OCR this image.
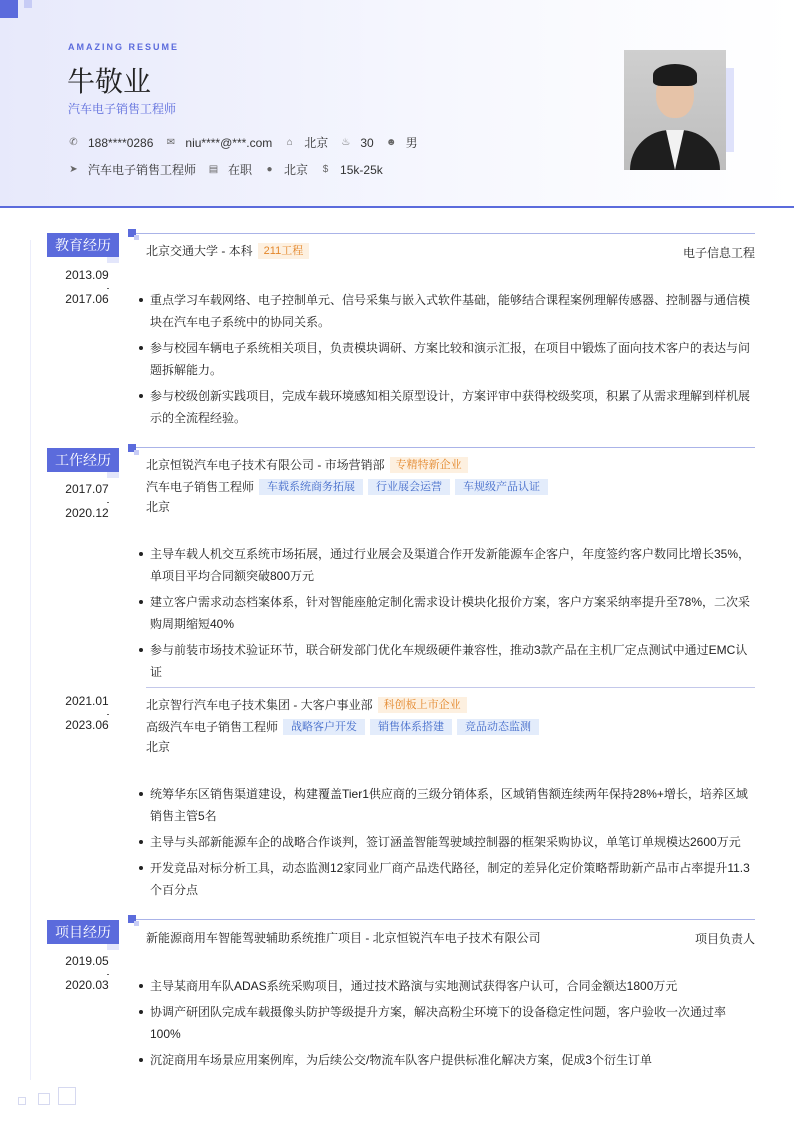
AMAZING RESUME
牛敬业
汽车电子销售工程师
✆ 188****0286 ✉ niu****@***.com ⌂ 北京 ♨ 30 ☻ 男
➤ 汽车电子销售工程师 ▤ 在职 ● 北京 $ 15k-25k
教育经历
2013.09
2017.06
北京交通大学 - 本科	211工程	电子信息工程
重点学习车载网络、电子控制单元、信号采集与嵌入式软件基础，能够结合课程案例理解传感器、控制器与通信模块在汽车电子系统中的协同关系。
参与校园车辆电子系统相关项目，负责模块调研、方案比较和演示汇报，在项目中锻炼了面向技术客户的表达与问题拆解能力。
参与校级创新实践项目，完成车载环境感知相关原型设计，方案评审中获得校级奖项，积累了从需求理解到样机展示的全流程经验。
工作经历
2017.07
2020.12
北京恒锐汽车电子技术有限公司 - 市场营销部	专精特新企业
汽车电子销售工程师	车载系统商务拓展	行业展会运营	车规级产品认证
北京
主导车载人机交互系统市场拓展，通过行业展会及渠道合作开发新能源车企客户，年度签约客户数同比增长35%，单项目平均合同额突破800万元
建立客户需求动态档案体系，针对智能座舱定制化需求设计模块化报价方案，客户方案采纳率提升至78%，二次采购周期缩短40%
参与前装市场技术验证环节，联合研发部门优化车规级硬件兼容性，推动3款产品在主机厂定点测试中通过EMC认证
2021.01
2023.06
北京智行汽车电子技术集团 - 大客户事业部	科创板上市企业
高级汽车电子销售工程师	战略客户开发	销售体系搭建	竞品动态监测
北京
统筹华东区销售渠道建设，构建覆盖Tier1供应商的三级分销体系，区域销售额连续两年保持28%+增长，培养区域销售主管5名
主导与头部新能源车企的战略合作谈判，签订涵盖智能驾驶域控制器的框架采购协议，单笔订单规模达2600万元
开发竞品对标分析工具，动态监测12家同业厂商产品迭代路径，制定的差异化定价策略帮助新产品市占率提升11.3个百分点
项目经历
2019.05
2020.03
新能源商用车智能驾驶辅助系统推广项目 - 北京恒锐汽车电子技术有限公司	项目负责人
主导某商用车队ADAS系统采购项目，通过技术路演与实地测试获得客户认可，合同金额达1800万元
协调产研团队完成车载摄像头防护等级提升方案，解决高粉尘环境下的设备稳定性问题，客户验收一次通过率100%
沉淀商用车场景应用案例库，为后续公交/物流车队客户提供标准化解决方案，促成3个衍生订单
